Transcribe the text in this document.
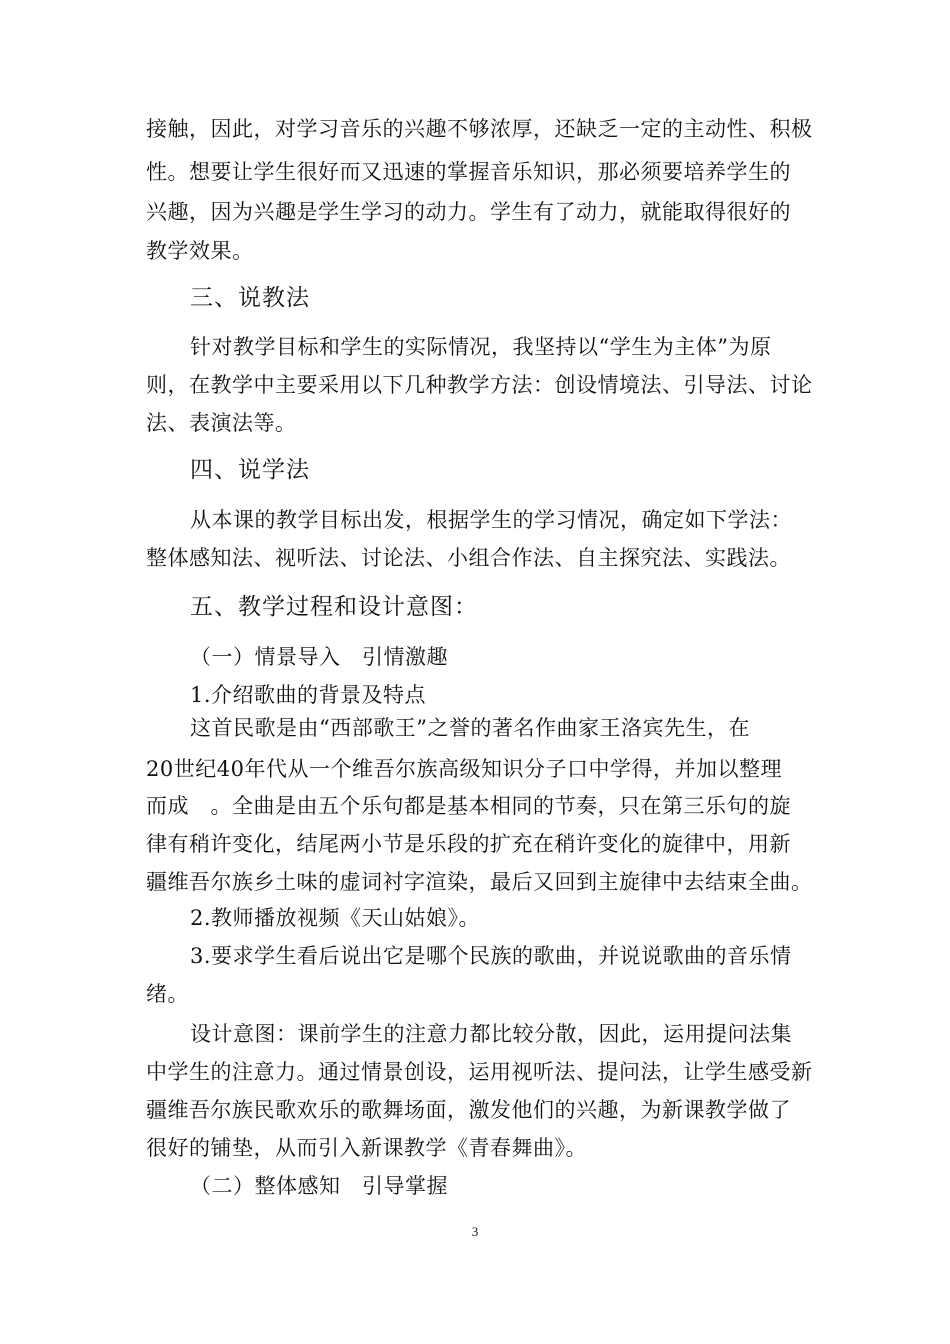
接触，因此，对学习音乐的兴趣不够浓厚，还缺乏一定的主动性、积极

性。想要让学生很好而又迅速的掌握音乐知识，那必须要培养学生的

兴趣，因为兴趣是学生学习的动力。学生有了动力，就能取得很好的

教学效果。

三、说教法

针对教学目标和学生的实际情况，我坚持以“学生为主体”为原

则，在教学中主要采用以下几种教学方法：创设情境法、引导法、讨论

法、表演法等。

四、说学法

从本课的教学目标出发，根据学生的学习情况，确定如下学法：

整体感知法、视听法、讨论法、小组合作法、自主探究法、实践法。

五、教学过程和设计意图：

（一）情景导入　引情激趣

1.介绍歌曲的背景及特点

这首民歌是由“西部歌王”之誉的著名作曲家王洛宾先生，在

20世纪40年代从一个维吾尔族高级知识分子口中学得，并加以整理

而成　。全曲是由五个乐句都是基本相同的节奏，只在第三乐句的旋

律有稍许变化，结尾两小节是乐段的扩充在稍许变化的旋律中，用新

疆维吾尔族乡土味的虚词衬字渲染，最后又回到主旋律中去结束全曲。

2.教师播放视频《天山姑娘》。

3.要求学生看后说出它是哪个民族的歌曲，并说说歌曲的音乐情

绪。

设计意图：课前学生的注意力都比较分散，因此，运用提问法集

中学生的注意力。通过情景创设，运用视听法、提问法，让学生感受新

疆维吾尔族民歌欢乐的歌舞场面，激发他们的兴趣，为新课教学做了

很好的铺垫，从而引入新课教学《青春舞曲》。

（二）整体感知　引导掌握

3
